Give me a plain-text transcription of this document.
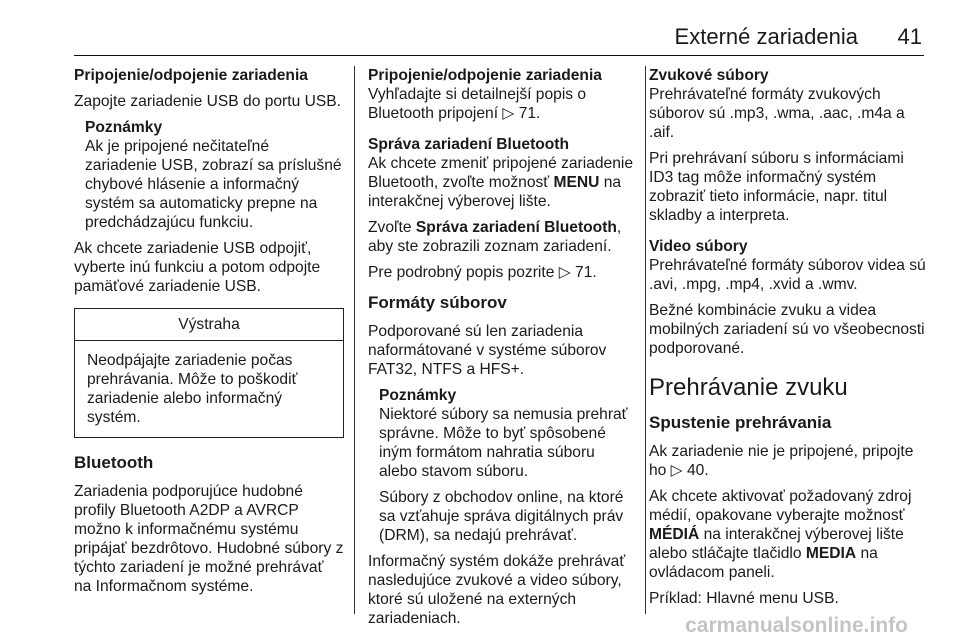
Externé zariadenia 41

Pripojenie/odpojenie zariadenia

Zapojte zariadenie USB do portu USB.

Poznámky

Ak je pripojené nečitateľné zariadenie USB, zobrazí sa príslušné chybové hlásenie a informačný systém sa automaticky prepne na predchádzajúcu funkciu.

Ak chcete zariadenie USB odpojiť, vyberte inú funkciu a potom odpojte pamäťové zariadenie USB.

Výstraha

Neodpájajte zariadenie počas prehrávania. Môže to poškodiť zariadenie alebo informačný systém.

Bluetooth

Zariadenia podporujúce hudobné profily Bluetooth A2DP a AVRCP možno k informačnému systému pripájať bezdrôtovo. Hudobné súbory z týchto zariadení je možné prehrávať na Informačnom systéme.

Pripojenie/odpojenie zariadenia

Vyhľadajte si detailnejší popis o Bluetooth pripojení ▷ 71.

Správa zariadení Bluetooth

Ak chcete zmeniť pripojené zariadenie Bluetooth, zvoľte možnosť MENU na interakčnej výberovej lište.

Zvoľte Správa zariadení Bluetooth, aby ste zobrazili zoznam zariadení.

Pre podrobný popis pozrite ▷ 71.

Formáty súborov

Podporované sú len zariadenia naformátované v systéme súborov FAT32, NTFS a HFS+.

Poznámky

Niektoré súbory sa nemusia prehrať správne. Môže to byť spôsobené iným formátom nahratia súboru alebo stavom súboru.

Súbory z obchodov online, na ktoré sa vzťahuje správa digitálnych práv (DRM), sa nedajú prehrávať.

Informačný systém dokáže prehrávať nasledujúce zvukové a video súbory, ktoré sú uložené na externých zariadeniach.

Zvukové súbory

Prehrávateľné formáty zvukových súborov sú .mp3, .wma, .aac, .m4a a .aif.

Pri prehrávaní súboru s informáciami ID3 tag môže informačný systém zobraziť tieto informácie, napr. titul skladby a interpreta.

Video súbory

Prehrávateľné formáty súborov videa sú .avi, .mpg, .mp4, .xvid a .wmv.

Bežné kombinácie zvuku a videa mobilných zariadení sú vo všeobecnosti podporované.

Prehrávanie zvuku
Spustenie prehrávania

Ak zariadenie nie je pripojené, pripojte ho ▷ 40.

Ak chcete aktivovať požadovaný zdroj médií, opakovane vyberajte možnosť MÉDIÁ na interakčnej výberovej lište alebo stláčajte tlačidlo MEDIA na ovládacom paneli.

Príklad: Hlavné menu USB.

carmanualsonline.info
